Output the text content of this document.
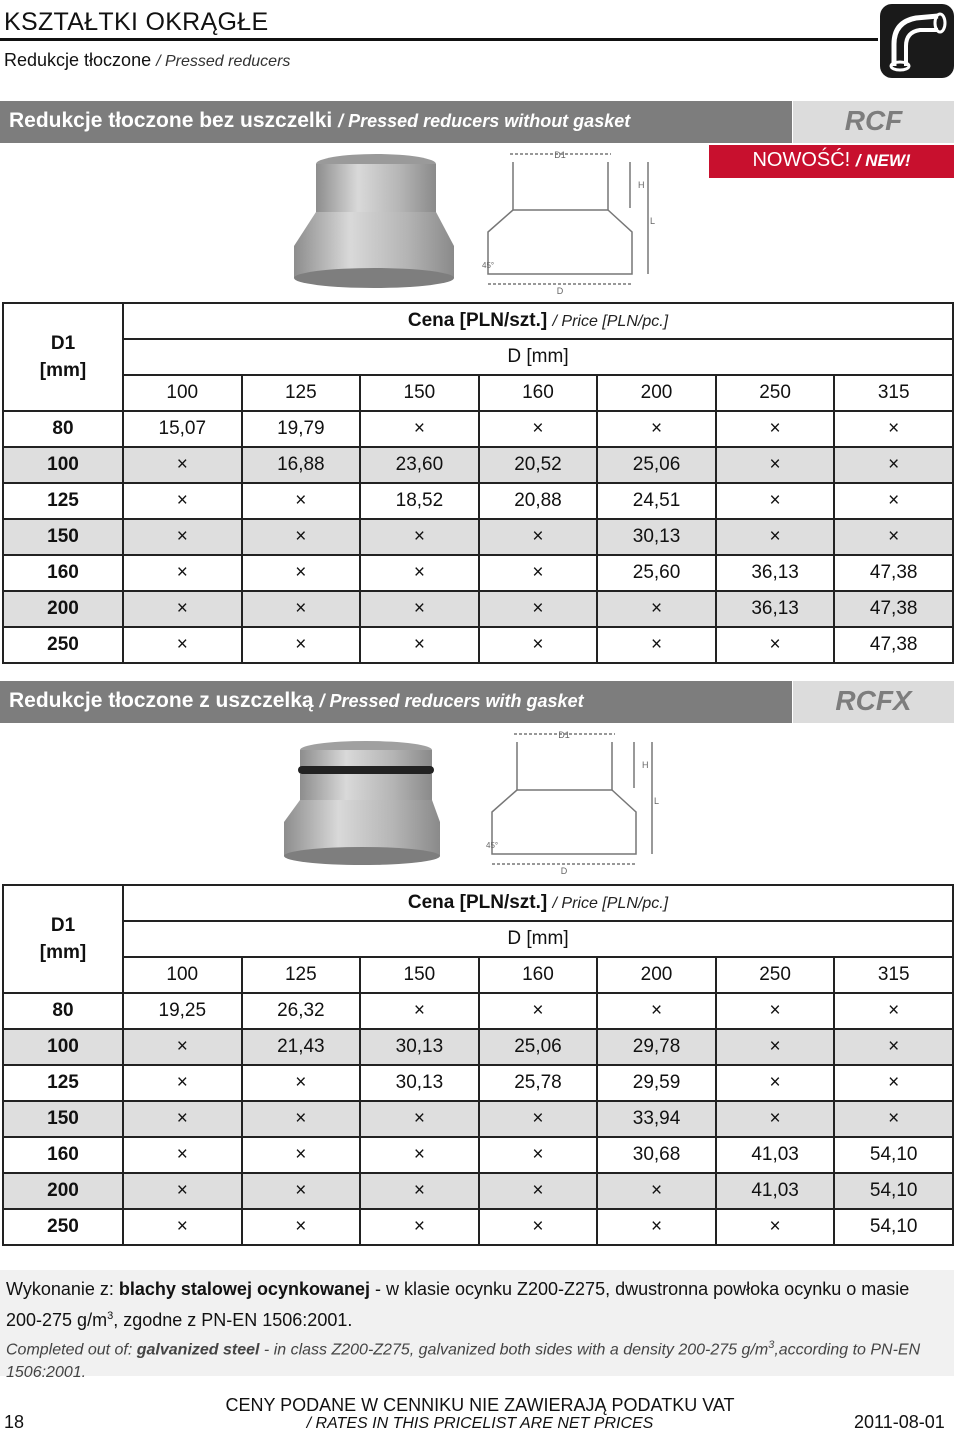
KSZTAŁTKI OKRĄGŁE
Redukcje tłoczone / Pressed reducers
Redukcje tłoczone bez uszczelki / Pressed reducers without gasket	RCF
NOWOŚĆ! / NEW!
D1
D
H
L
45°
D1
[mm]	Cena [PLN/szt.] / Price [PLN/pc.]						
	D [mm]						
	100	125	150	160	200	250	315
80	15,07	19,79	×	×	×	×	×
100	×	16,88	23,60	20,52	25,06	×	×
125	×	×	18,52	20,88	24,51	×	×
150	×	×	×	×	30,13	×	×
160	×	×	×	×	25,60	36,13	47,38
200	×	×	×	×	×	36,13	47,38
250	×	×	×	×	×	×	47,38
Redukcje tłoczone z uszczelką / Pressed reducers with gasket	RCFX
D1
D
H
L
45°
D1
[mm]	Cena [PLN/szt.] / Price [PLN/pc.]						
	D [mm]						
	100	125	150	160	200	250	315
80	19,25	26,32	×	×	×	×	×
100	×	21,43	30,13	25,06	29,78	×	×
125	×	×	30,13	25,78	29,59	×	×
150	×	×	×	×	33,94	×	×
160	×	×	×	×	30,68	41,03	54,10
200	×	×	×	×	×	41,03	54,10
250	×	×	×	×	×	×	54,10
Wykonanie z: blachy stalowej ocynkowanej - w klasie ocynku Z200-Z275, dwustronna powłoka ocynku o masie 200-275 $g/m^3$, zgodne z PN-EN 1506:2001.
Completed out of: galvanized steel - in class Z200-Z275, galvanized both sides with a density 200-275 $g/m^3,according$ to PN-EN 1506:2001.
CENY PODANE W CENNIKU NIE ZAWIERAJĄ PODATKU VAT
/ RATES IN THIS PRICELIST ARE NET PRICES
18	2011-08-01
